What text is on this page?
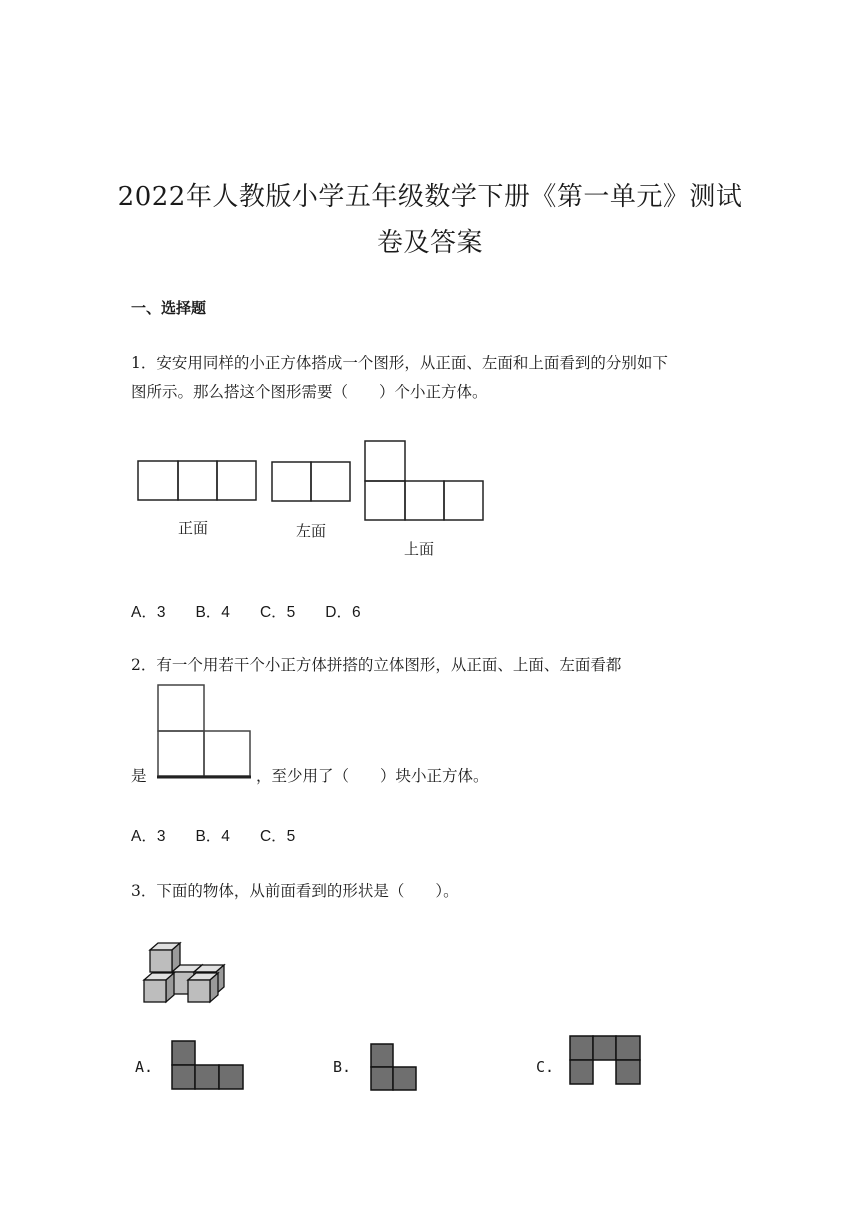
2022年人教版小学五年级数学下册《第一单元》测试
卷及答案
一、选择题
1．安安用同样的小正方体搭成一个图形，从正面、左面和上面看到的分别如下
图所示。那么搭这个图形需要（　　）个小正方体。
正面	左面
上面
A．3 B．4 C．5 D．6
2．有一个用若干个小正方体拼搭的立体图形，从正面、上面、左面看都
是	，至少用了（　　）块小正方体。
A．3 B．4 C．5
3．下面的物体，从前面看到的形状是（　　）。
A.	B.	C.
